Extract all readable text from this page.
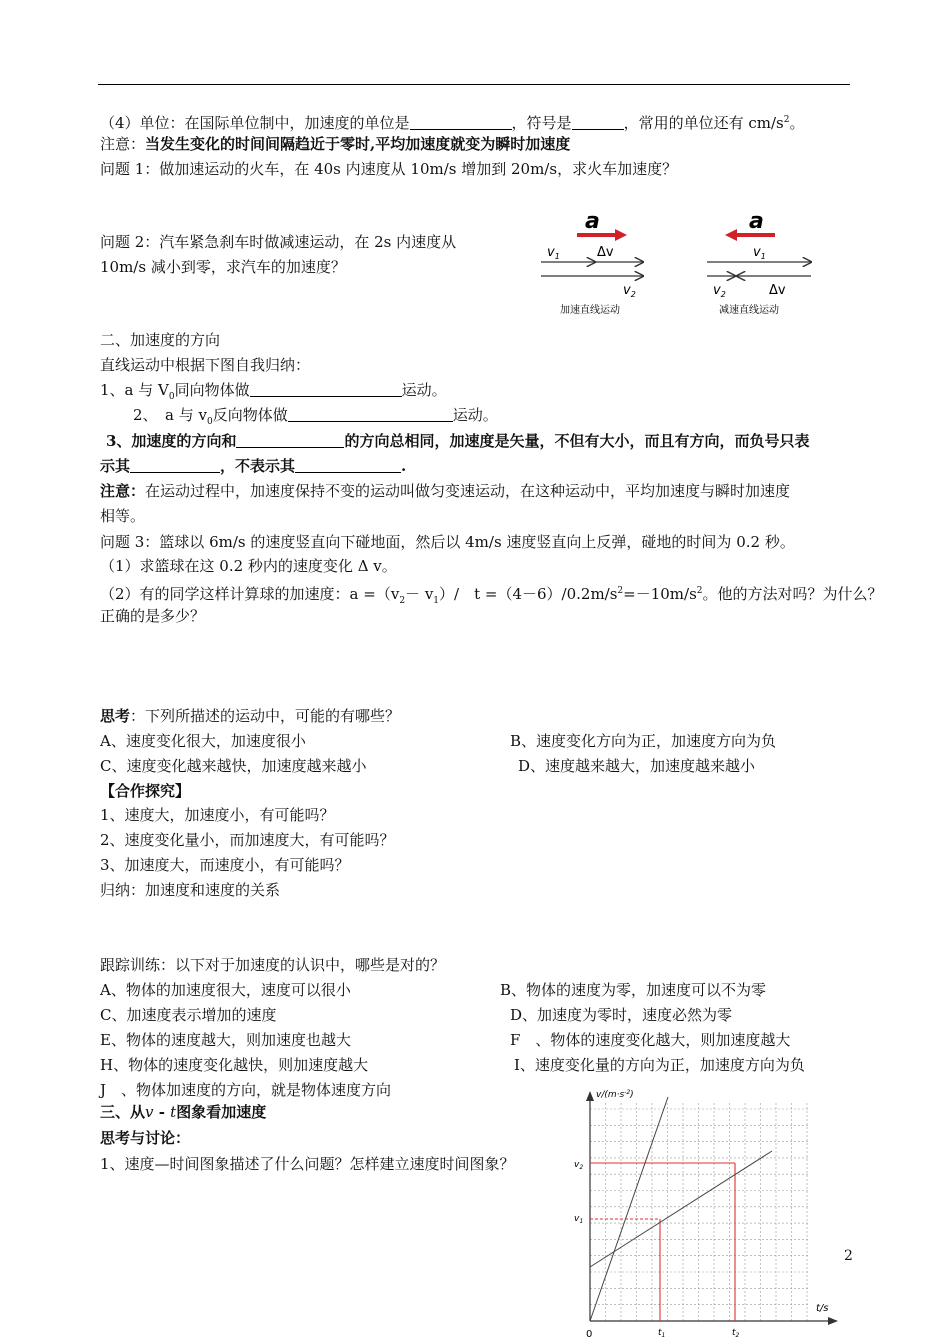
（4）单位：在国际单位制中，加速度的单位是	，符号是	，常用的单位还有 $cm/s^2$。
注意：当发生变化的时间间隔趋近于零时,平均加速度就变为瞬时加速度
问题 1：做加速运动的火车，在 40s 内速度从 10m/s 增加到 20m/s，求火车加速度？
问题 2：汽车紧急刹车时做减速运动，在 2s 内速度从
10m/s 减小到零，求汽车的加速度？
a
$v_1$	Δv
$v_2$
加速直线运动
a
$v_1$
$v_2$	Δv
减速直线运动
二、加速度的方向
直线运动中根据下图自我归纳：
1、a 与 $V_0$同向物体做	运动。
2、　a 与 $v_0$反向物体做	运动。
3、加速度的方向和	的方向总相同，加速度是矢量，不但有大小，而且有方向，而负号只表
示其	，不表示其	.
注意：在运动过程中，加速度保持不变的运动叫做匀变速运动，在这种运动中，平均加速度与瞬时加速度
相等。
问题 3：篮球以 6m/s 的速度竖直向下碰地面，然后以 4m/s 速度竖直向上反弹，碰地的时间为 0.2 秒。
（1）求篮球在这 0.2 秒内的速度变化 Δ v。
（2）有的同学这样计算球的加速度：$a =(v_2- v_1)/$　$t =(4-6)/0.2m/s^2=-10m/s^2$。他的方法对吗？为什么？
正确的是多少？
思考：下列所描述的运动中，可能的有哪些？
A、速度变化很大，加速度很小	B、速度变化方向为正，加速度方向为负
C、速度变化越来越快，加速度越来越小	D、速度越来越大，加速度越来越小
【合作探究】
1、速度大，加速度小，有可能吗？
2、速度变化量小，而加速度大，有可能吗？
3、加速度大，而速度小，有可能吗？
归纳：加速度和速度的关系
跟踪训练：以下对于加速度的认识中，哪些是对的？
A、物体的加速度很大，速度可以很小	B、物体的速度为零，加速度可以不为零
C、加速度表示增加的速度	D、加速度为零时，速度必然为零
E、物体的速度越大，则加速度也越大	F　、物体的速度变化越大，则加速度越大
H、物体的速度变化越快，则加速度越大	I、速度变化量的方向为正，加速度方向为负
J　、物体加速度的方向，就是物体速度方向
三、从v - t图象看加速度
思考与讨论：
1、速度—时间图象描述了什么问题？怎样建立速度时间图象？
$v/(m\cdot s^{-2})$
t/s
0
$v_2$
$v_1$
$t_1$	$t_2$
2
